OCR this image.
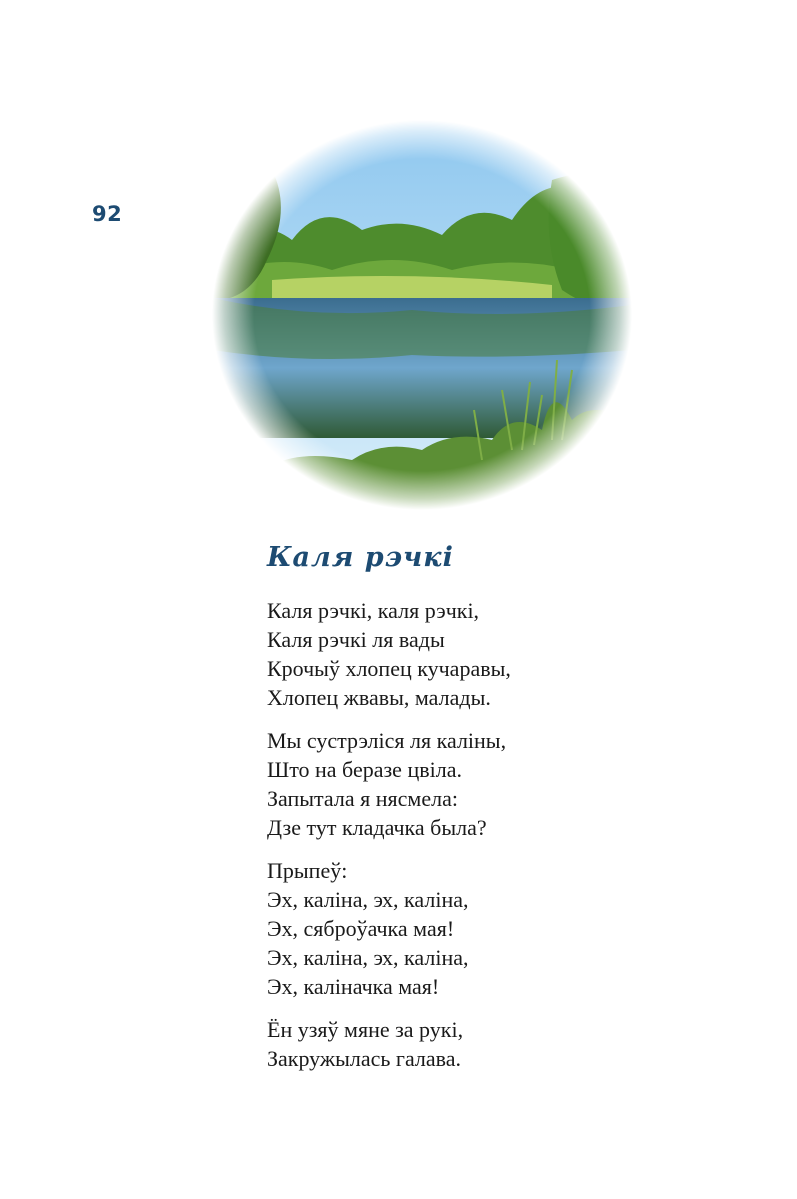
92
Каля рэчкі
Каля рэчкі, каля рэчкі,
Каля рэчкі ля вады
Крочыў хлопец кучаравы,
Хлопец жвавы, малады.
Мы сустрэліся ля каліны,
Што на беразе цвіла.
Запытала я нясмела:
Дзе тут кладачка была?
Прыпеў:
Эх, каліна, эх, каліна,
Эх, сяброўачка мая!
Эх, каліна, эх, каліна,
Эх, каліначка мая!
Ён узяў мяне за рукі,
Закружылась галава.
